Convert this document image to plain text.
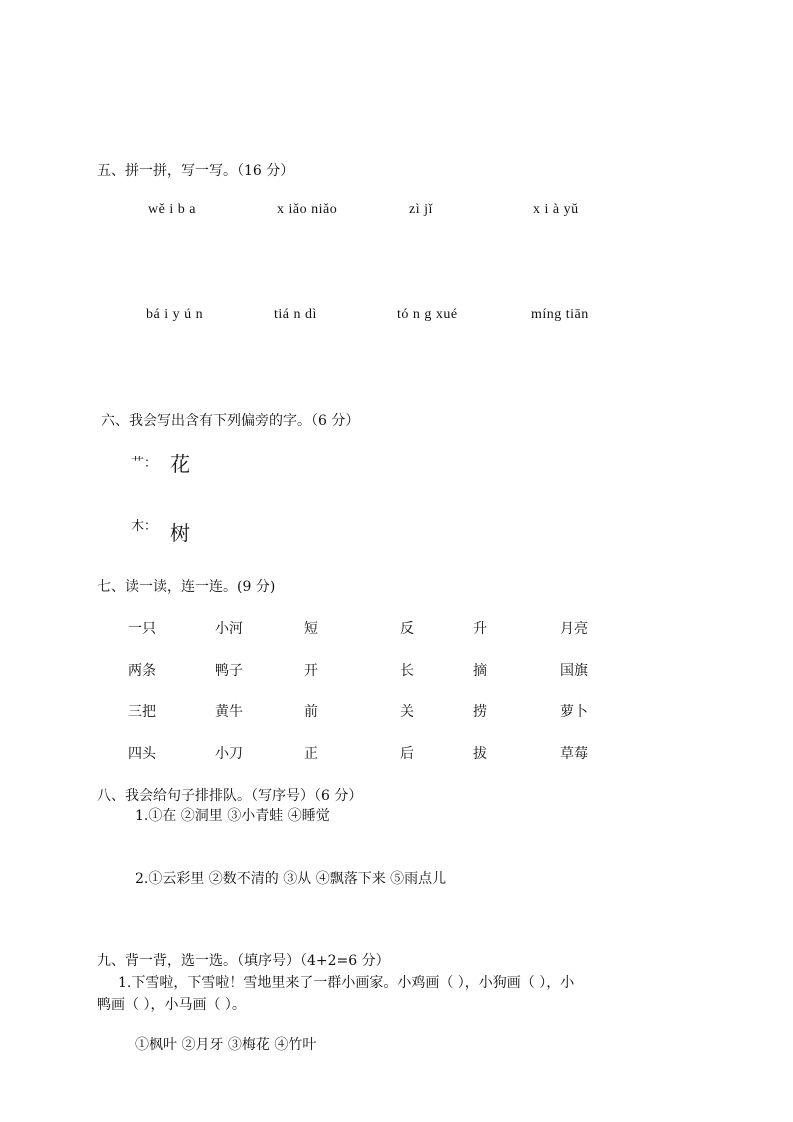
五、拼一拼，写一写。（16 分）
wě i b a	x iǎo niǎo	zì jǐ	x i à yǔ
bá i y ú n	tiá n dì	tó n g xué	míng tiān
六、我会写出含有下列偏旁的字。（6 分）
艹： 花
木： 树
七、读一读，连一连。(9 分)
一只	小河	短	反	升	月亮
两条	鸭子	开	长	摘	国旗
三把	黄牛	前	关	捞	萝卜
四头	小刀	正	后	拔	草莓
八、我会给句子排排队。（写序号）（6 分）
1.①在 ②洞里 ③小青蛙 ④睡觉
2.①云彩里 ②数不清的 ③从 ④飘落下来 ⑤雨点儿
九、背一背，选一选。（填序号）（4+2=6 分）
1.下雪啦，下雪啦！雪地里来了一群小画家。小鸡画（ ），小狗画（ ），小
鸭画（ ），小马画（ ）。
①枫叶 ②月牙 ③梅花 ④竹叶
